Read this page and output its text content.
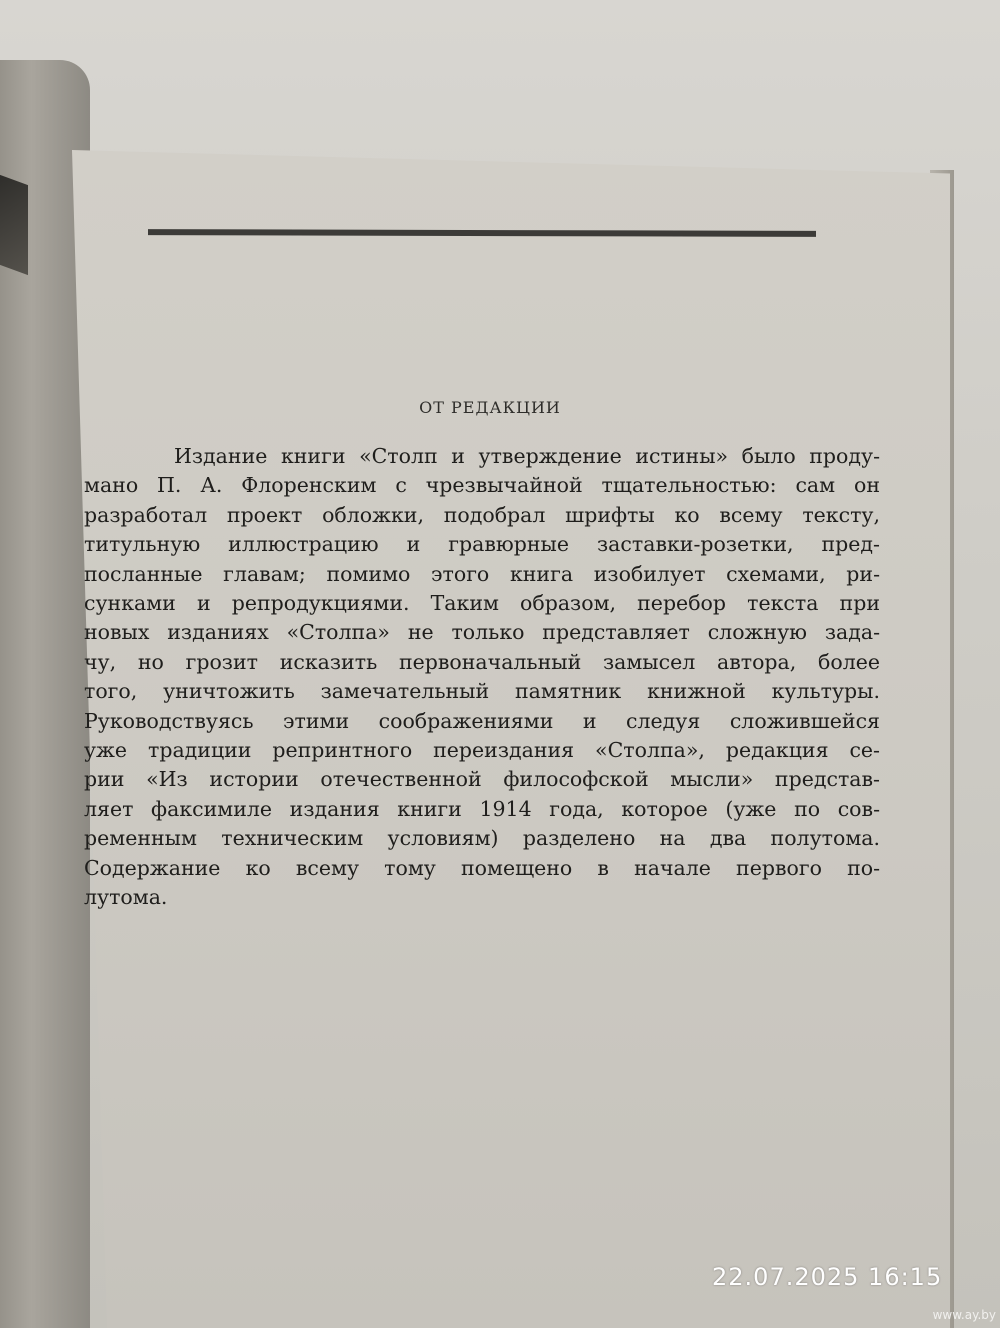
ОТ РЕДАКЦИИ
Издание книги «Столп и утверждение истины» было проду-
мано П. А. Флоренским с чрезвычайной тщательностью: сам он
разработал проект обложки, подобрал шрифты ко всему тексту,
титульную иллюстрацию и гравюрные заставки-розетки, пред-
посланные главам; помимо этого книга изобилует схемами, ри-
сунками и репродукциями. Таким образом, перебор текста при
новых изданиях «Столпа» не только представляет сложную зада-
чу, но грозит исказить первоначальный замысел автора, более
того, уничтожить замечательный памятник книжной культуры.
Руководствуясь этими соображениями и следуя сложившейся
уже традиции репринтного переиздания «Столпа», редакция се-
рии «Из истории отечественной философской мысли» представ-
ляет факсимиле издания книги 1914 года, которое (уже по сов-
ременным техническим условиям) разделено на два полутома.
Содержание ко всему тому помещено в начале первого по-
лутома.
22.07.2025 16:15
www.ay.by
